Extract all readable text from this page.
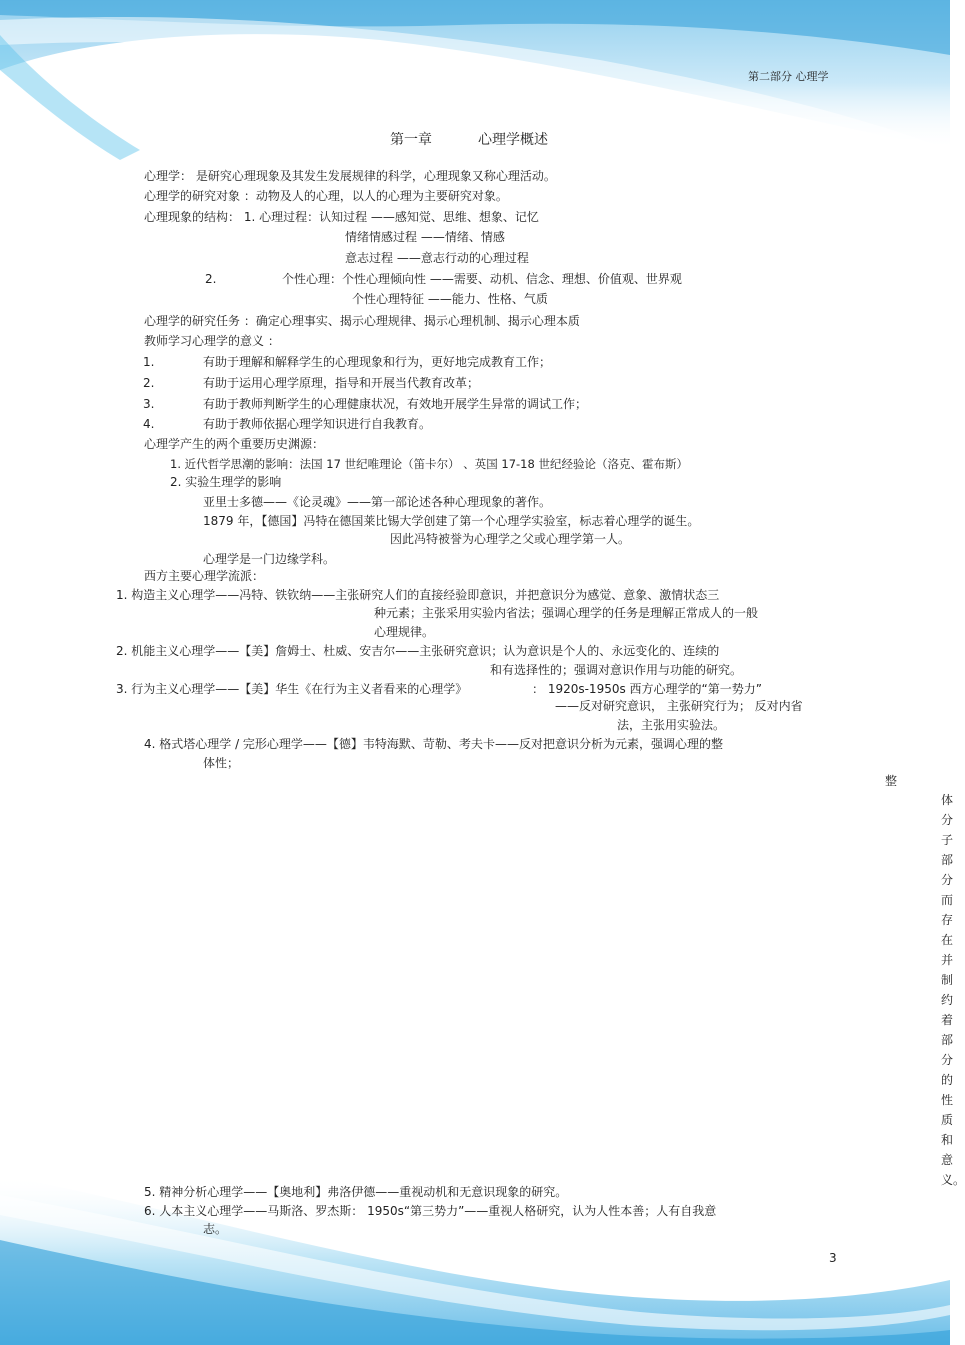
第二部分 心理学
第一章	心理学概述
心理学： 是研究心理现象及其发生发展规律的科学，心理现象又称心理活动。
心理学的研究对象 ：动物及人的心理，以人的心理为主要研究对象。
心理现象的结构： 1. 心理过程：认知过程 ——感知觉、思维、想象、记忆
情绪情感过程 ——情绪、情感
意志过程 ——意志行动的心理过程
2.	个性心理：个性心理倾向性 ——需要、动机、信念、理想、价值观、世界观
个性心理特征 ——能力、性格、气质
心理学的研究任务 ：确定心理事实、揭示心理规律、揭示心理机制、揭示心理本质
教师学习心理学的意义 ：
1.	有助于理解和解释学生的心理现象和行为，更好地完成教育工作；
2.	有助于运用心理学原理，指导和开展当代教育改革；
3.	有助于教师判断学生的心理健康状况，有效地开展学生异常的调试工作；
4.	有助于教师依据心理学知识进行自我教育。
心理学产生的两个重要历史渊源：
1. 近代哲学思潮的影响：法国 17 世纪唯理论（笛卡尔） 、英国 17-18 世纪经验论（洛克、霍布斯）
2. 实验生理学的影响
亚里士多德——《论灵魂》——第一部论述各种心理现象的著作。
1879 年，【德国】冯特在德国莱比锡大学创建了第一个心理学实验室，标志着心理学的诞生。
因此冯特被誉为心理学之父或心理学第一人。
心理学是一门边缘学科。
西方主要心理学流派：
1. 构造主义心理学——冯特、铁钦纳——主张研究人们的直接经验即意识，并把意识分为感觉、意象、激情状态三
种元素；主张采用实验内省法；强调心理学的任务是理解正常成人的一般
心理规律。
2. 机能主义心理学——【美】詹姆士、杜威、安吉尔——主张研究意识；认为意识是个人的、永远变化的、连续的
和有选择性的；强调对意识作用与功能的研究。
3. 行为主义心理学——【美】华生《在行为主义者看来的心理学》	： 1920s-1950s 西方心理学的“第一势力”
——反对研究意识， 主张研究行为； 反对内省
法，主张用实验法。
4. 格式塔心理学 / 完形心理学——【德】韦特海默、苛勒、考夫卡——反对把意识分析为元素，强调心理的整
体性；
整
体分子部分而存在并制约着部分的性质和意义。
5. 精神分析心理学——【奥地利】弗洛伊德——重视动机和无意识现象的研究。
6. 人本主义心理学——马斯洛、罗杰斯： 1950s“第三势力”——重视人格研究，认为人性本善；人有自我意
志。
3
